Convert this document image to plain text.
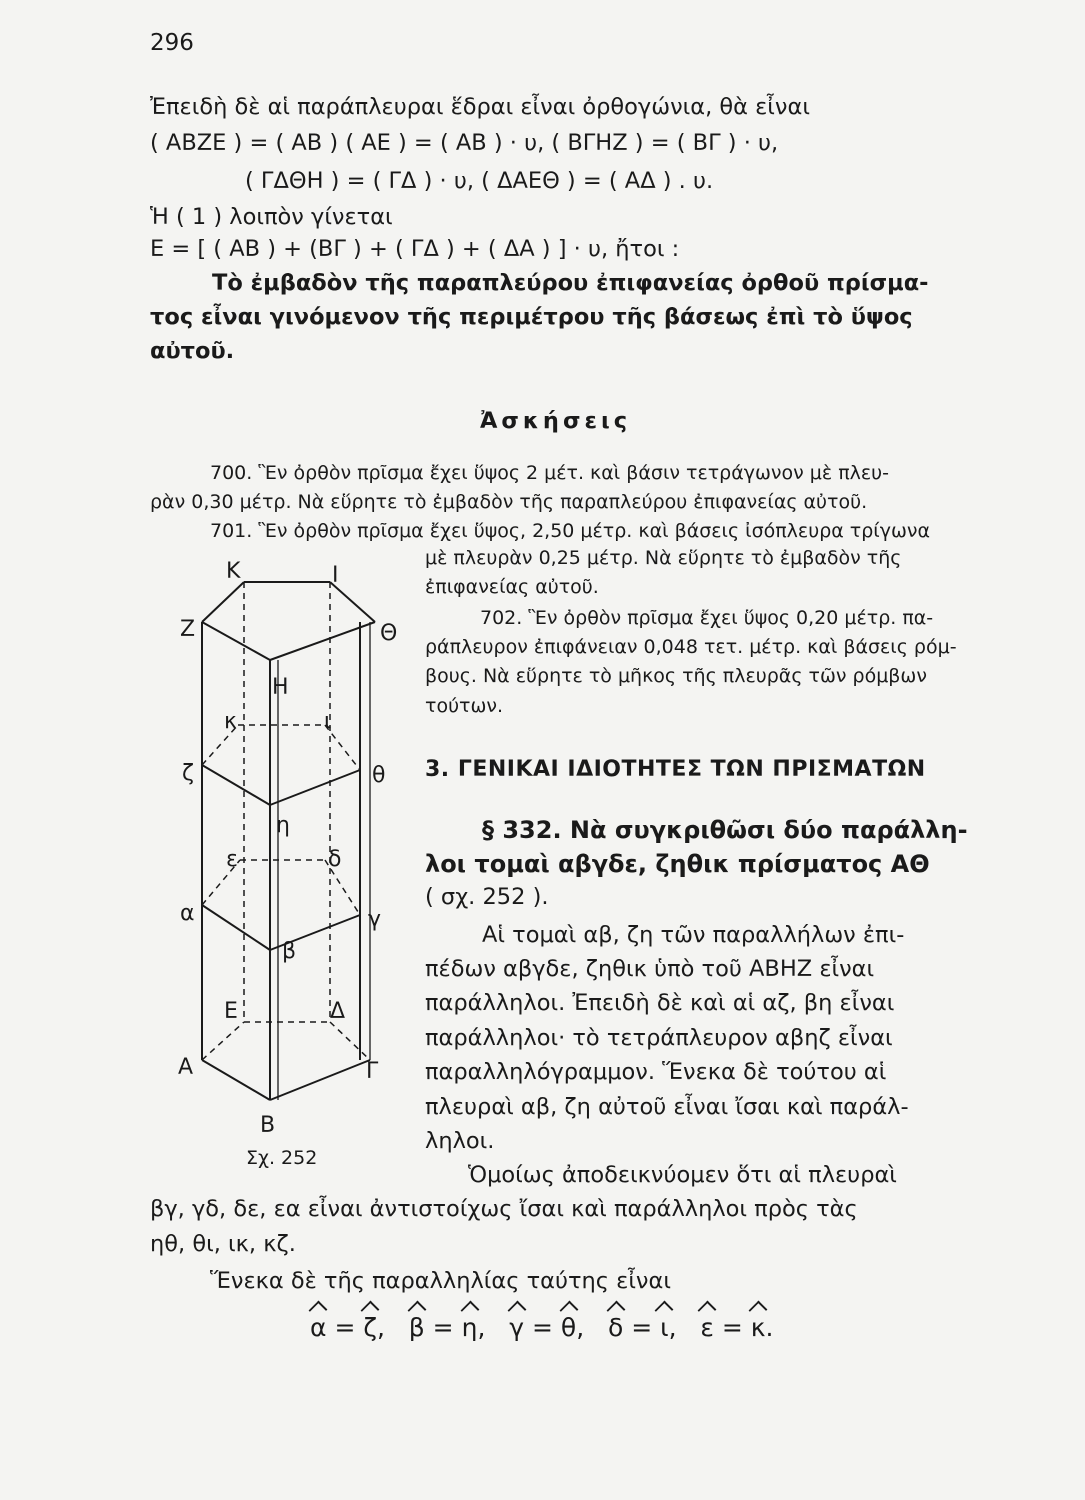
296
Ἐπειδὴ δὲ αἱ παράπλευραι ἕδραι εἶναι ὀρθογώνια, θὰ εἶναι
( ΑΒΖΕ ) = ( ΑΒ ) ( ΑΕ ) = ( ΑΒ ) · υ, ( ΒΓΗΖ ) = ( ΒΓ ) · υ,
( ΓΔΘΗ ) = ( ΓΔ ) · υ, ( ΔΑΕΘ ) = ( ΑΔ ) . υ.
Ἡ ( 1 ) λοιπὸν γίνεται
Ε = [ ( ΑΒ ) + (ΒΓ ) + ( ΓΔ ) + ( ΔΑ ) ] · υ, ἤτοι :
Τὸ ἐμβαδὸν τῆς παραπλεύρου ἐπιφανείας ὀρθοῦ πρίσμα-
τος εἶναι γινόμενον τῆς περιμέτρου τῆς βάσεως ἐπὶ τὸ ὕψος
αὐτοῦ.
Ἀσκήσεις
700. Ἓν ὀρθὸν πρῖσμα ἔχει ὕψος 2 μέτ. καὶ βάσιν τετράγωνον μὲ πλευ-
ρὰν 0,30 μέτρ. Νὰ εὕρητε τὸ ἐμβαδὸν τῆς παραπλεύρου ἐπιφανείας αὐτοῦ.
701. Ἓν ὀρθὸν πρῖσμα ἔχει ὕψος, 2,50 μέτρ. καὶ βάσεις ἰσόπλευρα τρίγωνα
μὲ πλευρὰν 0,25 μέτρ. Νὰ εὕρητε τὸ ἐμβαδὸν τῆς
ἐπιφανείας αὐτοῦ.
702. Ἓν ὀρθὸν πρῖσμα ἔχει ὕψος 0,20 μέτρ. πα-
ράπλευρον ἐπιφάνειαν 0,048 τετ. μέτρ. καὶ βάσεις ρόμ-
βους. Νὰ εὕρητε τὸ μῆκος τῆς πλευρᾶς τῶν ρόμβων
τούτων.
3. ΓΕΝΙΚΑΙ ΙΔΙΟΤΗΤΕΣ ΤΩΝ ΠΡΙΣΜΑΤΩΝ
§ 332. Νὰ συγκριθῶσι δύο παράλλη-
λοι τομαὶ αβγδε, ζηθικ πρίσματος ΑΘ
( σχ. 252 ).
Αἱ τομαὶ αβ, ζη τῶν παραλλήλων ἐπι-
πέδων αβγδε, ζηθικ ὑπὸ τοῦ ΑΒΗΖ εἶναι
παράλληλοι. Ἐπειδὴ δὲ καὶ αἱ αζ, βη εἶναι
παράλληλοι· τὸ τετράπλευρον αβηζ εἶναι
παραλληλόγραμμον. Ἕνεκα δὲ τούτου αἱ
πλευραὶ αβ, ζη αὐτοῦ εἶναι ἴσαι καὶ παράλ-
ληλοι.
Ὁμοίως ἀποδεικνύομεν ὅτι αἱ πλευραὶ
βγ, γδ, δε, εα εἶναι ἀντιστοίχως ἴσαι καὶ παράλληλοι πρὸς τὰς
ηθ, θι, ικ, κζ.
Ἕνεκα δὲ τῆς παραλληλίας ταύτης εἶναι
α = ζ, β = η, γ = θ, δ = ι, ε = κ.
Κ	Ι
Ζ	Θ
Η
κ	ι
ζ	θ
η
ε	δ
α	γ
β
Ε	Δ
Α	Γ
Β
Σχ. 252
